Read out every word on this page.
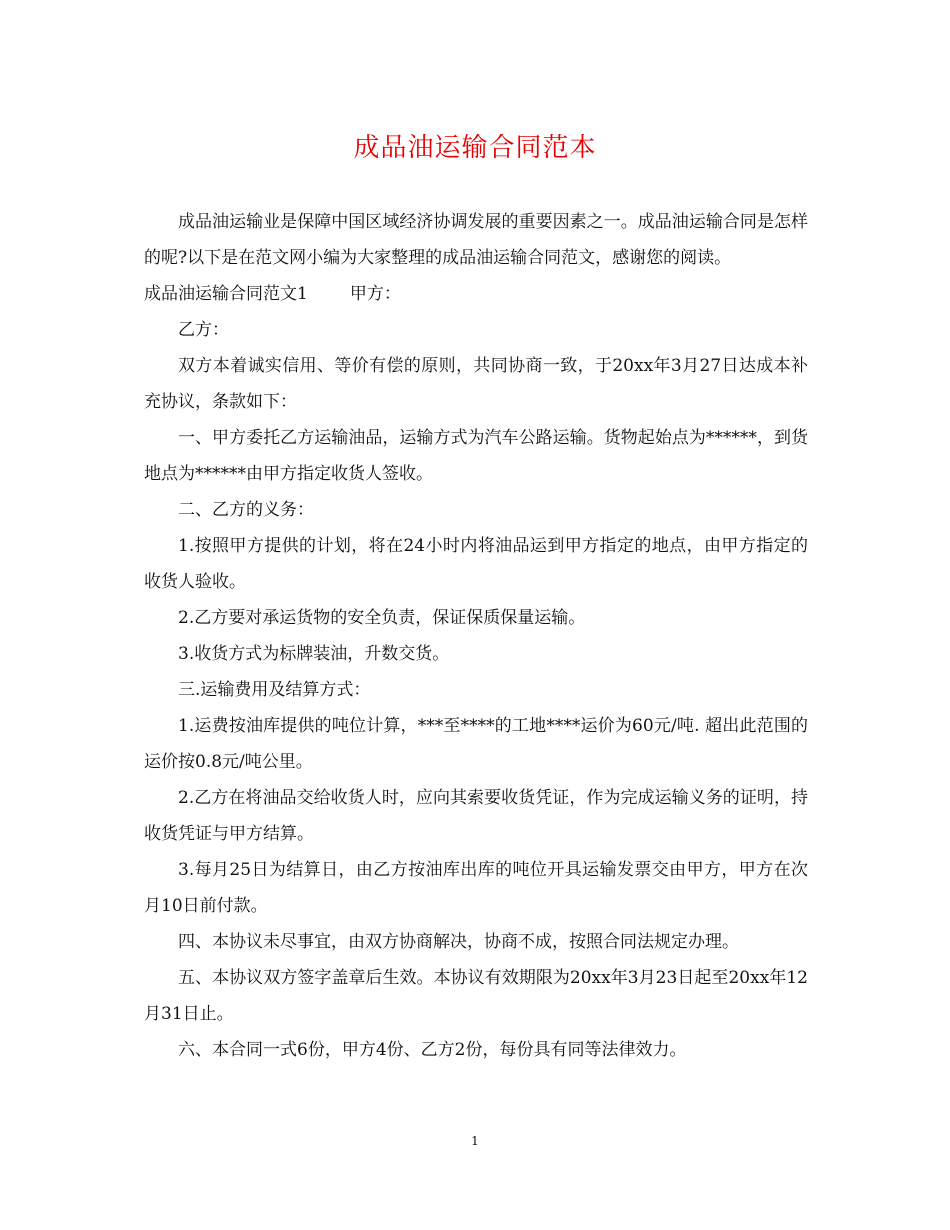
成品油运输合同范本

成品油运输业是保障中国区域经济协调发展的重要因素之一。成品油运输合同是怎样的呢?以下是在范文网小编为大家整理的成品油运输合同范文，感谢您的阅读。

成品油运输合同范文1 甲方：

乙方：

双方本着诚实信用、等价有偿的原则，共同协商一致，于20xx年3月27日达成本补充协议，条款如下：

一、甲方委托乙方运输油品，运输方式为汽车公路运输。货物起始点为******，到货地点为******由甲方指定收货人签收。

二、乙方的义务：

1.按照甲方提供的计划，将在24小时内将油品运到甲方指定的地点，由甲方指定的收货人验收。

2.乙方要对承运货物的安全负责，保证保质保量运输。

3.收货方式为标牌装油，升数交货。

三.运输费用及结算方式：

1.运费按油库提供的吨位计算，***至****的工地****运价为60元/吨. 超出此范围的运价按0.8元/吨公里。

2.乙方在将油品交给收货人时，应向其索要收货凭证，作为完成运输义务的证明，持收货凭证与甲方结算。

3.每月25日为结算日，由乙方按油库出库的吨位开具运输发票交由甲方，甲方在次月10日前付款。

四、本协议未尽事宜，由双方协商解决，协商不成，按照合同法规定办理。

五、本协议双方签字盖章后生效。本协议有效期限为20xx年3月23日起至20xx年12月31日止。

六、本合同一式6份，甲方4份、乙方2份，每份具有同等法律效力。

1
